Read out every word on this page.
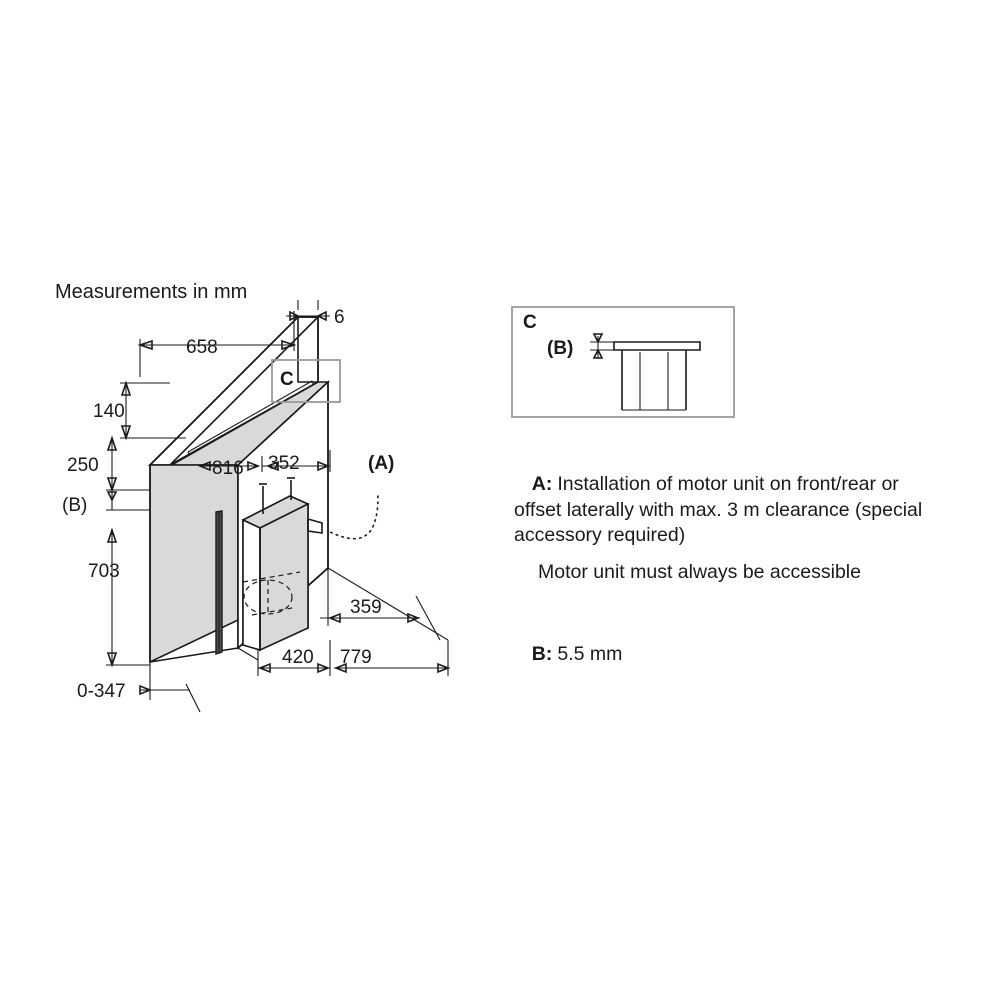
Measurements in mm
658
6
140
250
(B)
703
0-347
816 352	(A)
359
420 779
C
C
(B)

A: Installation of motor unit on front/rear or offset laterally with max. 3 m clearance (special accessory required)

Motor unit must always be accessible

B: 5.5 mm
